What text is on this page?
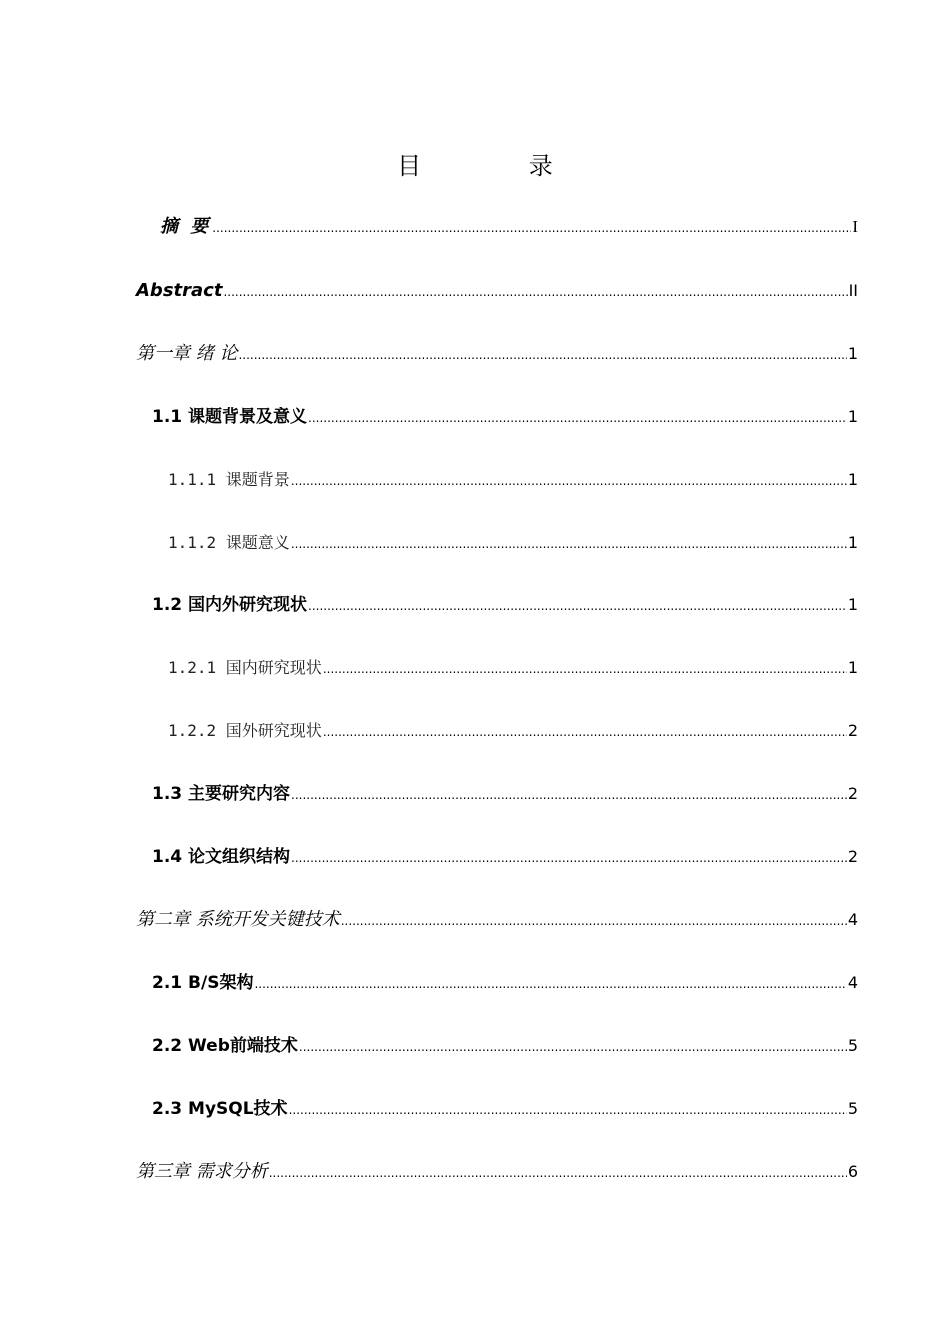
目 录
摘 要 .....	I
Abstract .....	II
第一章 绪 论 .....	1
1.1 课题背景及意义 .....	1
1.1.1 课题背景 .....	1
1.1.2 课题意义 .....	1
1.2 国内外研究现状 .....	1
1.2.1 国内研究现状 .....	1
1.2.2 国外研究现状 .....	2
1.3 主要研究内容 .....	2
1.4 论文组织结构 .....	2
第二章 系统开发关键技术 .....	4
2.1 B/S架构 .....	4
2.2 Web前端技术 .....	5
2.3 MySQL技术 .....	5
第三章 需求分析 .....	6
